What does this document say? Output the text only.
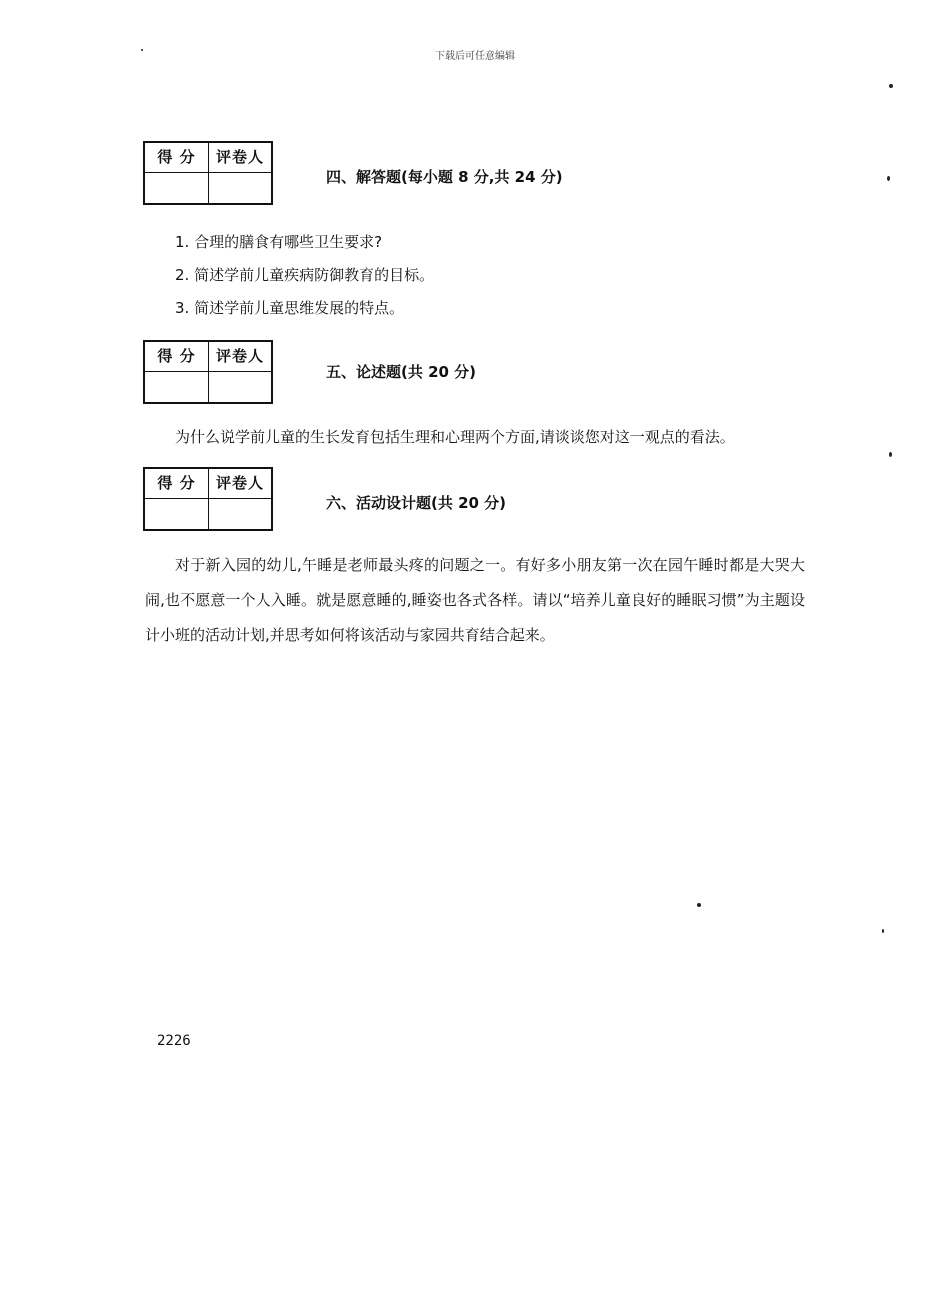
下载后可任意编辑
得 分	评卷人
四、解答题(每小题 8 分,共 24 分)
1. 合理的膳食有哪些卫生要求?
2. 简述学前儿童疾病防御教育的目标。
3. 简述学前儿童思维发展的特点。
得 分	评卷人
五、论述题(共 20 分)
为什么说学前儿童的生长发育包括生理和心理两个方面,请谈谈您对这一观点的看法。
得 分	评卷人
六、活动设计题(共 20 分)
对于新入园的幼儿,午睡是老师最头疼的问题之一。有好多小朋友第一次在园午睡时都是大哭大闹,也不愿意一个人入睡。就是愿意睡的,睡姿也各式各样。请以“培养儿童良好的睡眠习惯”为主题设计小班的活动计划,并思考如何将该活动与家园共育结合起来。
2226
